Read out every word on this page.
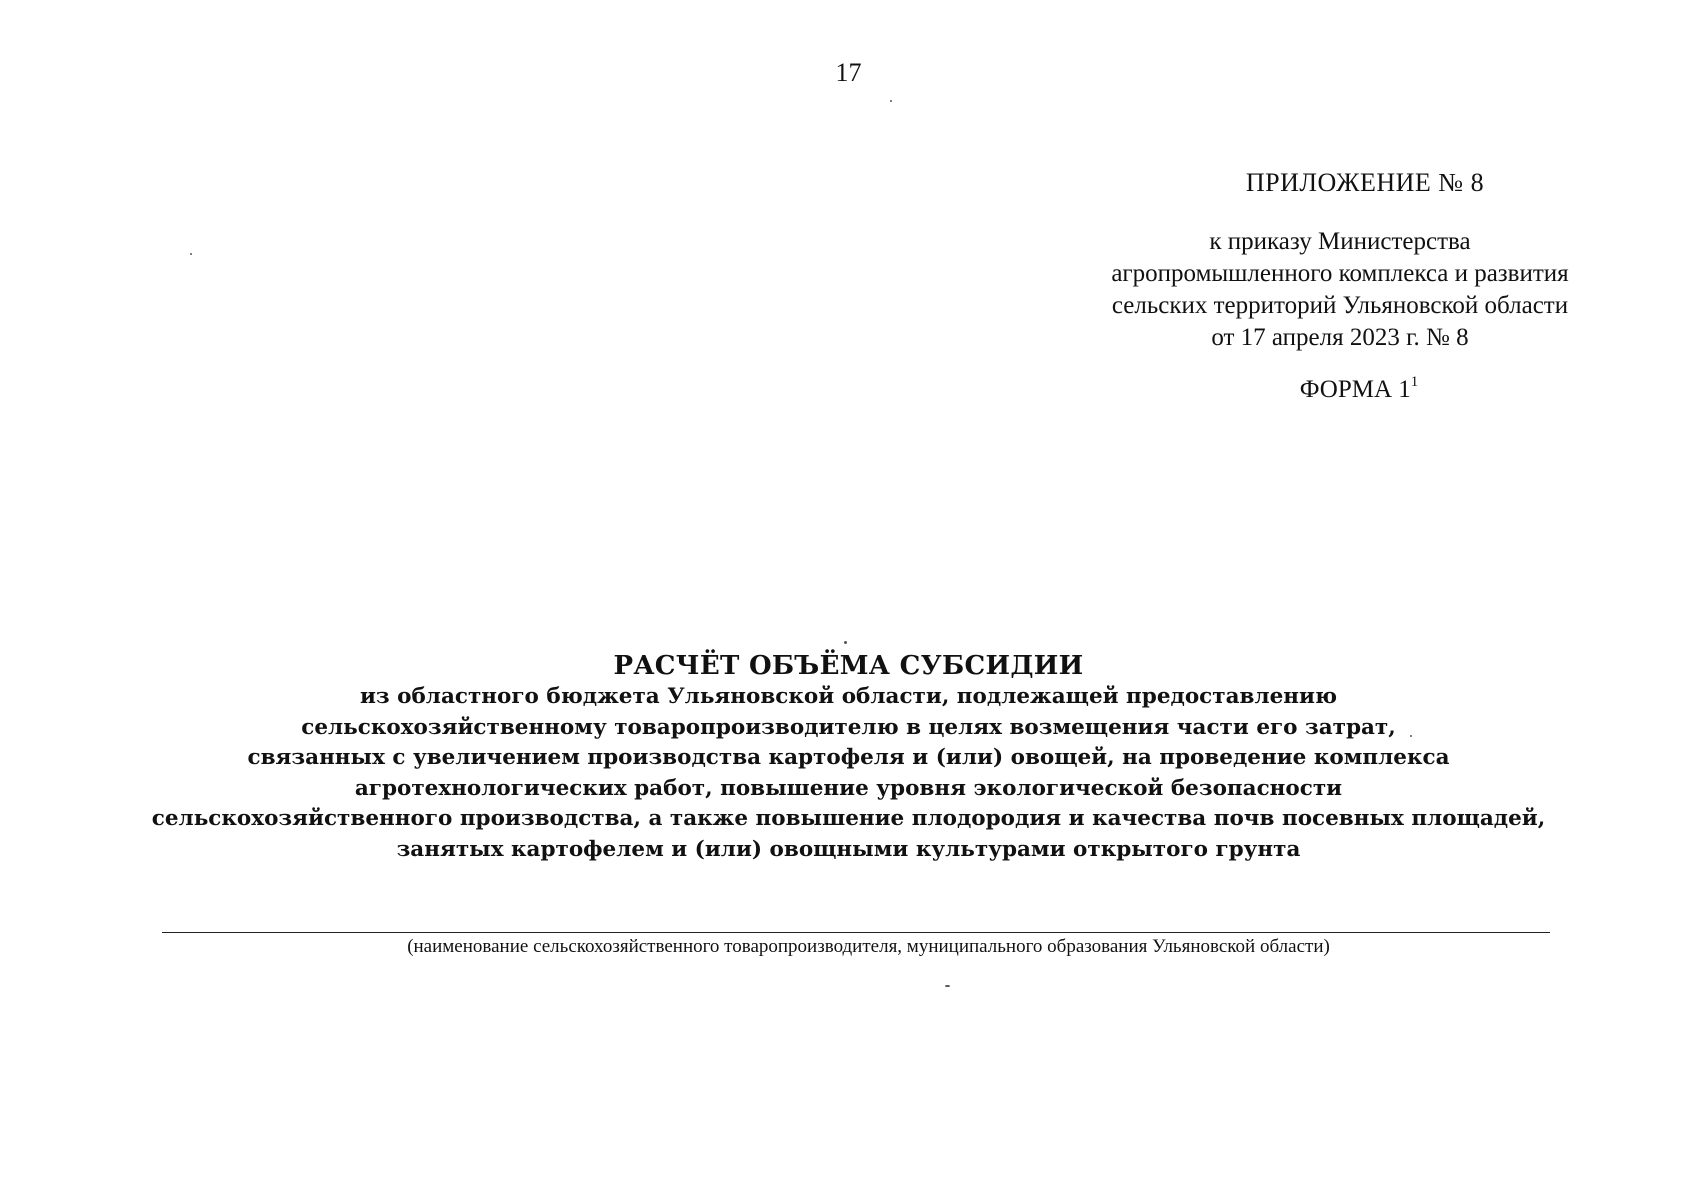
17
ПРИЛОЖЕНИЕ № 8
к приказу Министерства
агропромышленного комплекса и развития
сельских территорий Ульяновской области
от 17 апреля 2023 г. № 8
ФОРМА $1^1$
РАСЧЁТ ОБЪЁМА СУБСИДИИ
из областного бюджета Ульяновской области, подлежащей предоставлению
сельскохозяйственному товаропроизводителю в целях возмещения части его затрат,
связанных с увеличением производства картофеля и (или) овощей, на проведение комплекса
агротехнологических работ, повышение уровня экологической безопасности
сельскохозяйственного производства, а также повышение плодородия и качества почв посевных площадей,
занятых картофелем и (или) овощными культурами открытого грунта
(наименование сельскохозяйственного товаропроизводителя, муниципального образования Ульяновской области)
